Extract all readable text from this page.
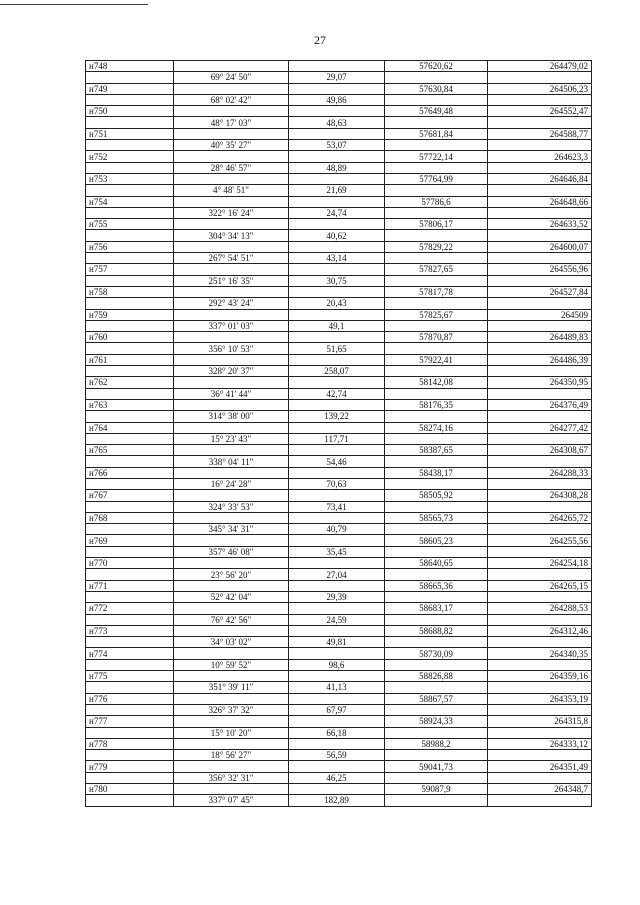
27
н748			57620,62	264479,02
	69° 24' 50"	29,07		
н749			57630,84	264506,23
	68° 02' 42"	49,86		
н750			57649,48	264552,47
	48° 17' 03"	48,63		
н751			57681,84	264588,77
	40° 35' 27"	53,07		
н752			57722,14	264623,3
	28° 46' 57"	48,89		
н753			57764,99	264646,84
	4° 48' 51"	21,69		
н754			57786,6	264648,66
	322° 16' 24"	24,74		
н755			57806,17	264633,52
	304° 34' 13"	40,62		
н756			57829,22	264600,07
	267° 54' 51"	43,14		
н757			57827,65	264556,96
	251° 16' 35"	30,75		
н758			57817,78	264527,84
	292° 43' 24"	20,43		
н759			57825,67	264509
	337° 01' 03"	49,1		
н760			57870,87	264489,83
	356° 10' 53"	51,65		
н761			57922,41	264486,39
	328° 20' 37"	258,07		
н762			58142,08	264350,95
	36° 41' 44"	42,74		
н763			58176,35	264376,49
	314° 38' 00"	139,22		
н764			58274,16	264277,42
	15° 23' 43"	117,71		
н765			58387,65	264308,67
	338° 04' 11"	54,46		
н766			58438,17	264288,33
	16° 24' 28"	70,63		
н767			58505,92	264308,28
	324° 33' 53"	73,41		
н768			58565,73	264265,72
	345° 34' 31"	40,79		
н769			58605,23	264255,56
	357° 46' 08"	35,45		
н770			58640,65	264254,18
	23° 56' 20"	27,04		
н771			58665,36	264265,15
	52° 42' 04"	29,39		
н772			58683,17	264288,53
	76° 42' 56"	24,59		
н773			58688,82	264312,46
	34° 03' 02"	49,81		
н774			58730,09	264340,35
	10° 59' 52"	98,6		
н775			58826,88	264359,16
	351° 39' 11"	41,13		
н776			58867,57	264353,19
	326° 37' 32"	67,97		
н777			58924,33	264315,8
	15° 10' 20"	66,18		
н778			58988,2	264333,12
	18° 56' 27"	56,59		
н779			59041,73	264351,49
	356° 32' 31"	46,25		
н780			59087,9	264348,7
	337° 07' 45"	182,89		
